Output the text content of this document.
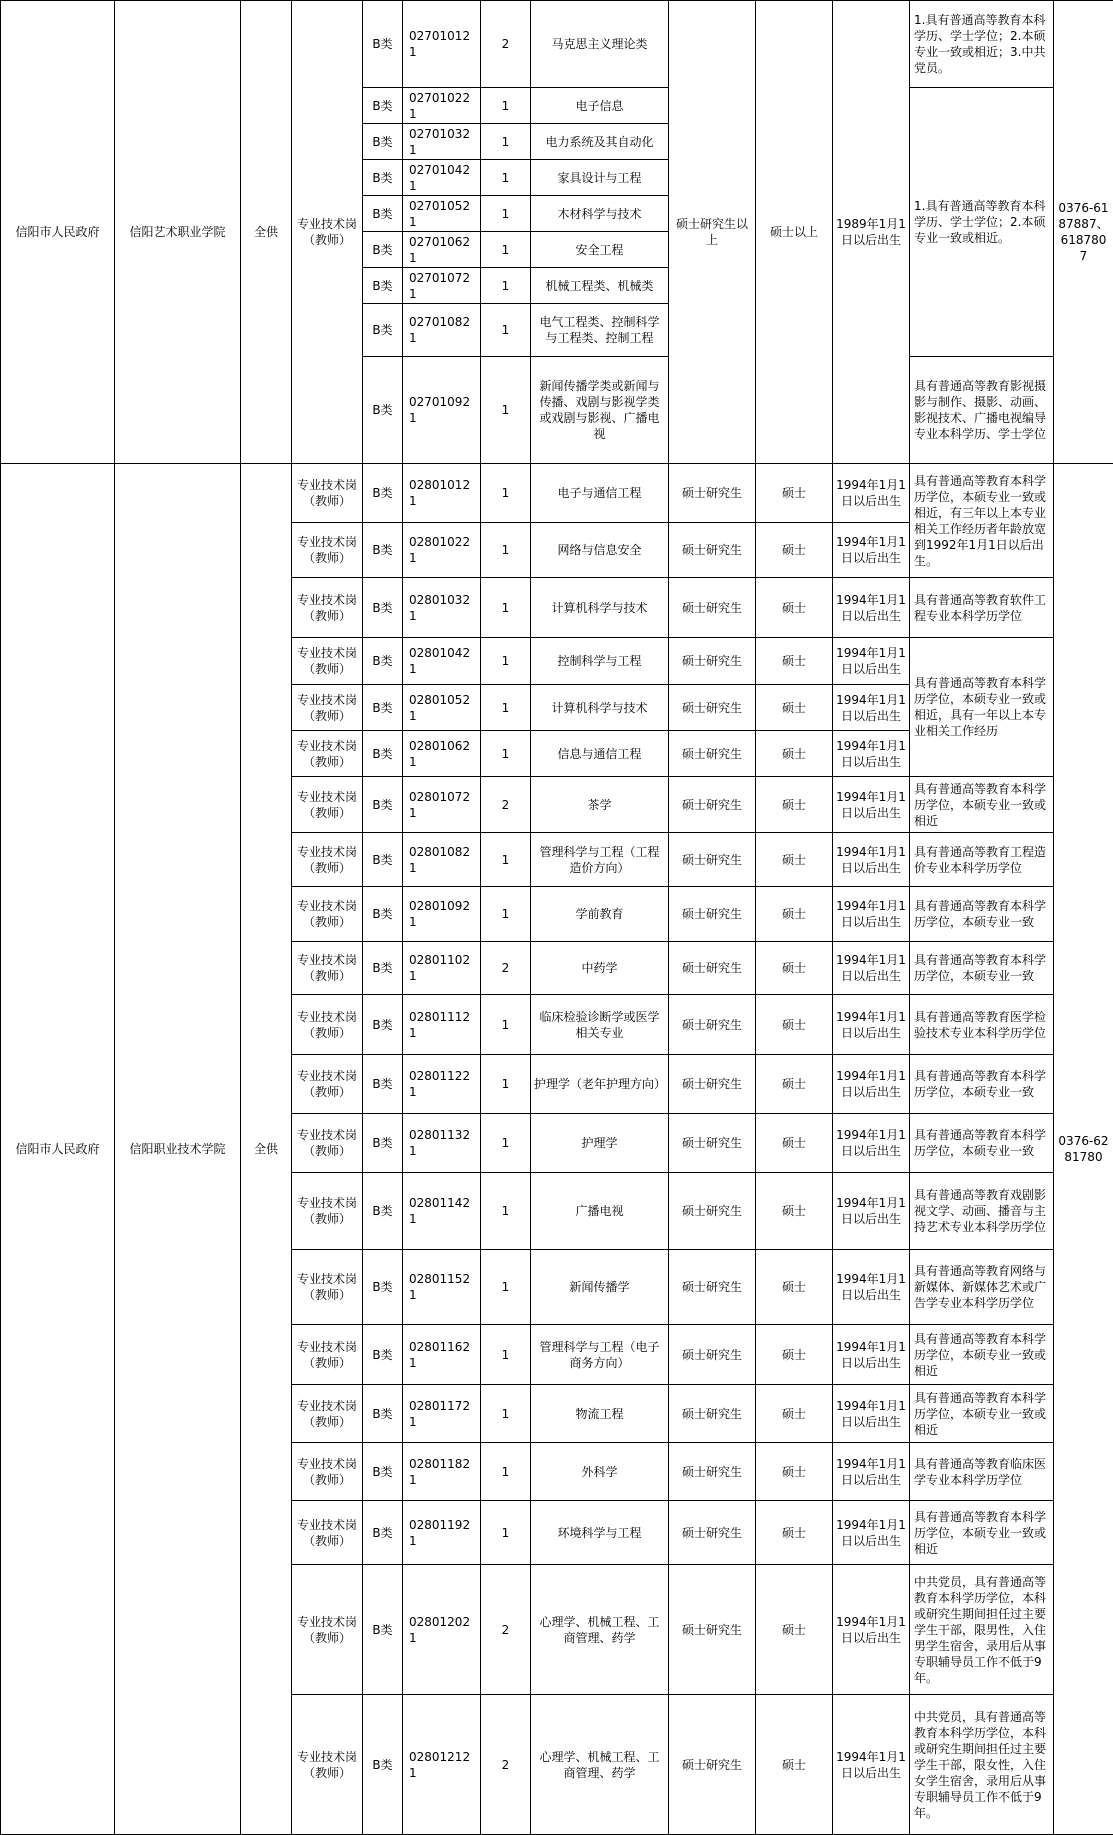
信阳市人民政府	信阳艺术职业学院	全供	专业技术岗（教师）	B类	027010121	2	马克思主义理论类	硕士研究生以上	硕士以上	1989年1月1日以后出生	1.具有普通高等教育本科学历、学士学位；2.本硕专业一致或相近；3.中共党员。	0376-6187887、6187807
				B类	027010221	1	电子信息				1.具有普通高等教育本科学历、学士学位；2.本硕专业一致或相近。	
				B类	027010321	1	电力系统及其自动化					
				B类	027010421	1	家具设计与工程					
				B类	027010521	1	木材科学与技术					
				B类	027010621	1	安全工程					
				B类	027010721	1	机械工程类、机械类					
				B类	027010821	1	电气工程类、控制科学与工程类、控制工程					
				B类	027010921	1	新闻传播学类或新闻与传播、戏剧与影视学类或戏剧与影视、广播电视				具有普通高等教育影视摄影与制作、摄影、动画、影视技术、广播电视编导专业本科学历、学士学位	
信阳市人民政府	信阳职业技术学院	全供	专业技术岗（教师）	B类	028010121	1	电子与通信工程	硕士研究生	硕士	1994年1月1日以后出生	具有普通高等教育本科学历学位，本硕专业一致或相近，有三年以上本专业相关工作经历者年龄放宽到1992年1月1日以后出生。	0376-6281780
			专业技术岗（教师）	B类	028010221	1	网络与信息安全	硕士研究生	硕士	1994年1月1日以后出生		
			专业技术岗（教师）	B类	028010321	1	计算机科学与技术	硕士研究生	硕士	1994年1月1日以后出生	具有普通高等教育软件工程专业本科学历学位	
			专业技术岗（教师）	B类	028010421	1	控制科学与工程	硕士研究生	硕士	1994年1月1日以后出生	具有普通高等教育本科学历学位，本硕专业一致或相近，具有一年以上本专业相关工作经历	
			专业技术岗（教师）	B类	028010521	1	计算机科学与技术	硕士研究生	硕士	1994年1月1日以后出生		
			专业技术岗（教师）	B类	028010621	1	信息与通信工程	硕士研究生	硕士	1994年1月1日以后出生		
			专业技术岗（教师）	B类	028010721	2	茶学	硕士研究生	硕士	1994年1月1日以后出生	具有普通高等教育本科学历学位，本硕专业一致或相近	
			专业技术岗（教师）	B类	028010821	1	管理科学与工程（工程造价方向）	硕士研究生	硕士	1994年1月1日以后出生	具有普通高等教育工程造价专业本科学历学位	
			专业技术岗（教师）	B类	028010921	1	学前教育	硕士研究生	硕士	1994年1月1日以后出生	具有普通高等教育本科学历学位，本硕专业一致	
			专业技术岗（教师）	B类	028011021	2	中药学	硕士研究生	硕士	1994年1月1日以后出生	具有普通高等教育本科学历学位，本硕专业一致	
			专业技术岗（教师）	B类	028011121	1	临床检验诊断学或医学相关专业	硕士研究生	硕士	1994年1月1日以后出生	具有普通高等教育医学检验技术专业本科学历学位	
			专业技术岗（教师）	B类	028011221	1	护理学（老年护理方向）	硕士研究生	硕士	1994年1月1日以后出生	具有普通高等教育本科学历学位，本硕专业一致	
			专业技术岗（教师）	B类	028011321	1	护理学	硕士研究生	硕士	1994年1月1日以后出生	具有普通高等教育本科学历学位，本硕专业一致	
			专业技术岗（教师）	B类	028011421	1	广播电视	硕士研究生	硕士	1994年1月1日以后出生	具有普通高等教育戏剧影视文学、动画、播音与主持艺术专业本科学历学位	
			专业技术岗（教师）	B类	028011521	1	新闻传播学	硕士研究生	硕士	1994年1月1日以后出生	具有普通高等教育网络与新媒体、新媒体艺术或广告学专业本科学历学位	
			专业技术岗（教师）	B类	028011621	1	管理科学与工程（电子商务方向）	硕士研究生	硕士	1994年1月1日以后出生	具有普通高等教育本科学历学位，本硕专业一致或相近	
			专业技术岗（教师）	B类	028011721	1	物流工程	硕士研究生	硕士	1994年1月1日以后出生	具有普通高等教育本科学历学位，本硕专业一致或相近	
			专业技术岗（教师）	B类	028011821	1	外科学	硕士研究生	硕士	1994年1月1日以后出生	具有普通高等教育临床医学专业本科学历学位	
			专业技术岗（教师）	B类	028011921	1	环境科学与工程	硕士研究生	硕士	1994年1月1日以后出生	具有普通高等教育本科学历学位，本硕专业一致或相近	
			专业技术岗（教师）	B类	028012021	2	心理学、机械工程、工商管理、药学	硕士研究生	硕士	1994年1月1日以后出生	中共党员，具有普通高等教育本科学历学位，本科或研究生期间担任过主要学生干部，限男性，入住男学生宿舍，录用后从事专职辅导员工作不低于9年。	
			专业技术岗（教师）	B类	028012121	2	心理学、机械工程、工商管理、药学	硕士研究生	硕士	1994年1月1日以后出生	中共党员，具有普通高等教育本科学历学位，本科或研究生期间担任过主要学生干部，限女性，入住女学生宿舍，录用后从事专职辅导员工作不低于9年。	
